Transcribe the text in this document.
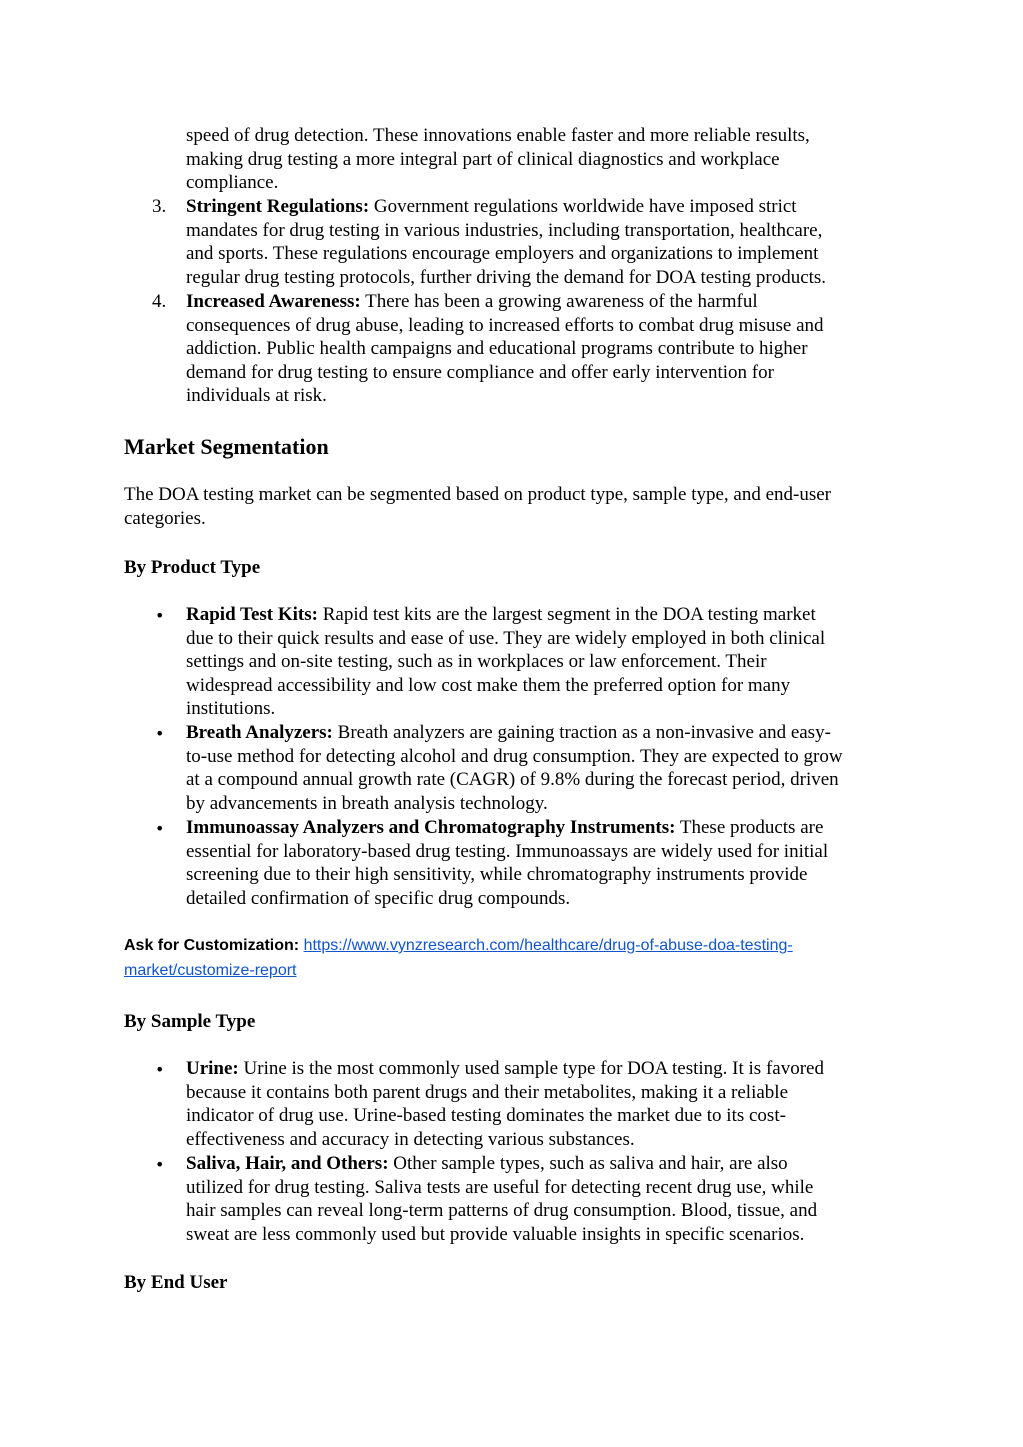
speed of drug detection. These innovations enable faster and more reliable results,
making drug testing a more integral part of clinical diagnostics and workplace
compliance.
3.	Stringent Regulations: Government regulations worldwide have imposed strict
mandates for drug testing in various industries, including transportation, healthcare,
and sports. These regulations encourage employers and organizations to implement
regular drug testing protocols, further driving the demand for DOA testing products.
4.	Increased Awareness: There has been a growing awareness of the harmful
consequences of drug abuse, leading to increased efforts to combat drug misuse and
addiction. Public health campaigns and educational programs contribute to higher
demand for drug testing to ensure compliance and offer early intervention for
individuals at risk.
Market Segmentation
The DOA testing market can be segmented based on product type, sample type, and end-user
categories.
By Product Type
• Rapid Test Kits: Rapid test kits are the largest segment in the DOA testing market
due to their quick results and ease of use. They are widely employed in both clinical
settings and on-site testing, such as in workplaces or law enforcement. Their
widespread accessibility and low cost make them the preferred option for many
institutions.
• Breath Analyzers: Breath analyzers are gaining traction as a non-invasive and easy-
to-use method for detecting alcohol and drug consumption. They are expected to grow
at a compound annual growth rate (CAGR) of 9.8% during the forecast period, driven
by advancements in breath analysis technology.
• Immunoassay Analyzers and Chromatography Instruments: These products are
essential for laboratory-based drug testing. Immunoassays are widely used for initial
screening due to their high sensitivity, while chromatography instruments provide
detailed confirmation of specific drug compounds.
Ask for Customization: https://www.vynzresearch.com/healthcare/drug-of-abuse-doa-testing-
market/customize-report
By Sample Type
• Urine: Urine is the most commonly used sample type for DOA testing. It is favored
because it contains both parent drugs and their metabolites, making it a reliable
indicator of drug use. Urine-based testing dominates the market due to its cost-
effectiveness and accuracy in detecting various substances.
• Saliva, Hair, and Others: Other sample types, such as saliva and hair, are also
utilized for drug testing. Saliva tests are useful for detecting recent drug use, while
hair samples can reveal long-term patterns of drug consumption. Blood, tissue, and
sweat are less commonly used but provide valuable insights in specific scenarios.
By End User
